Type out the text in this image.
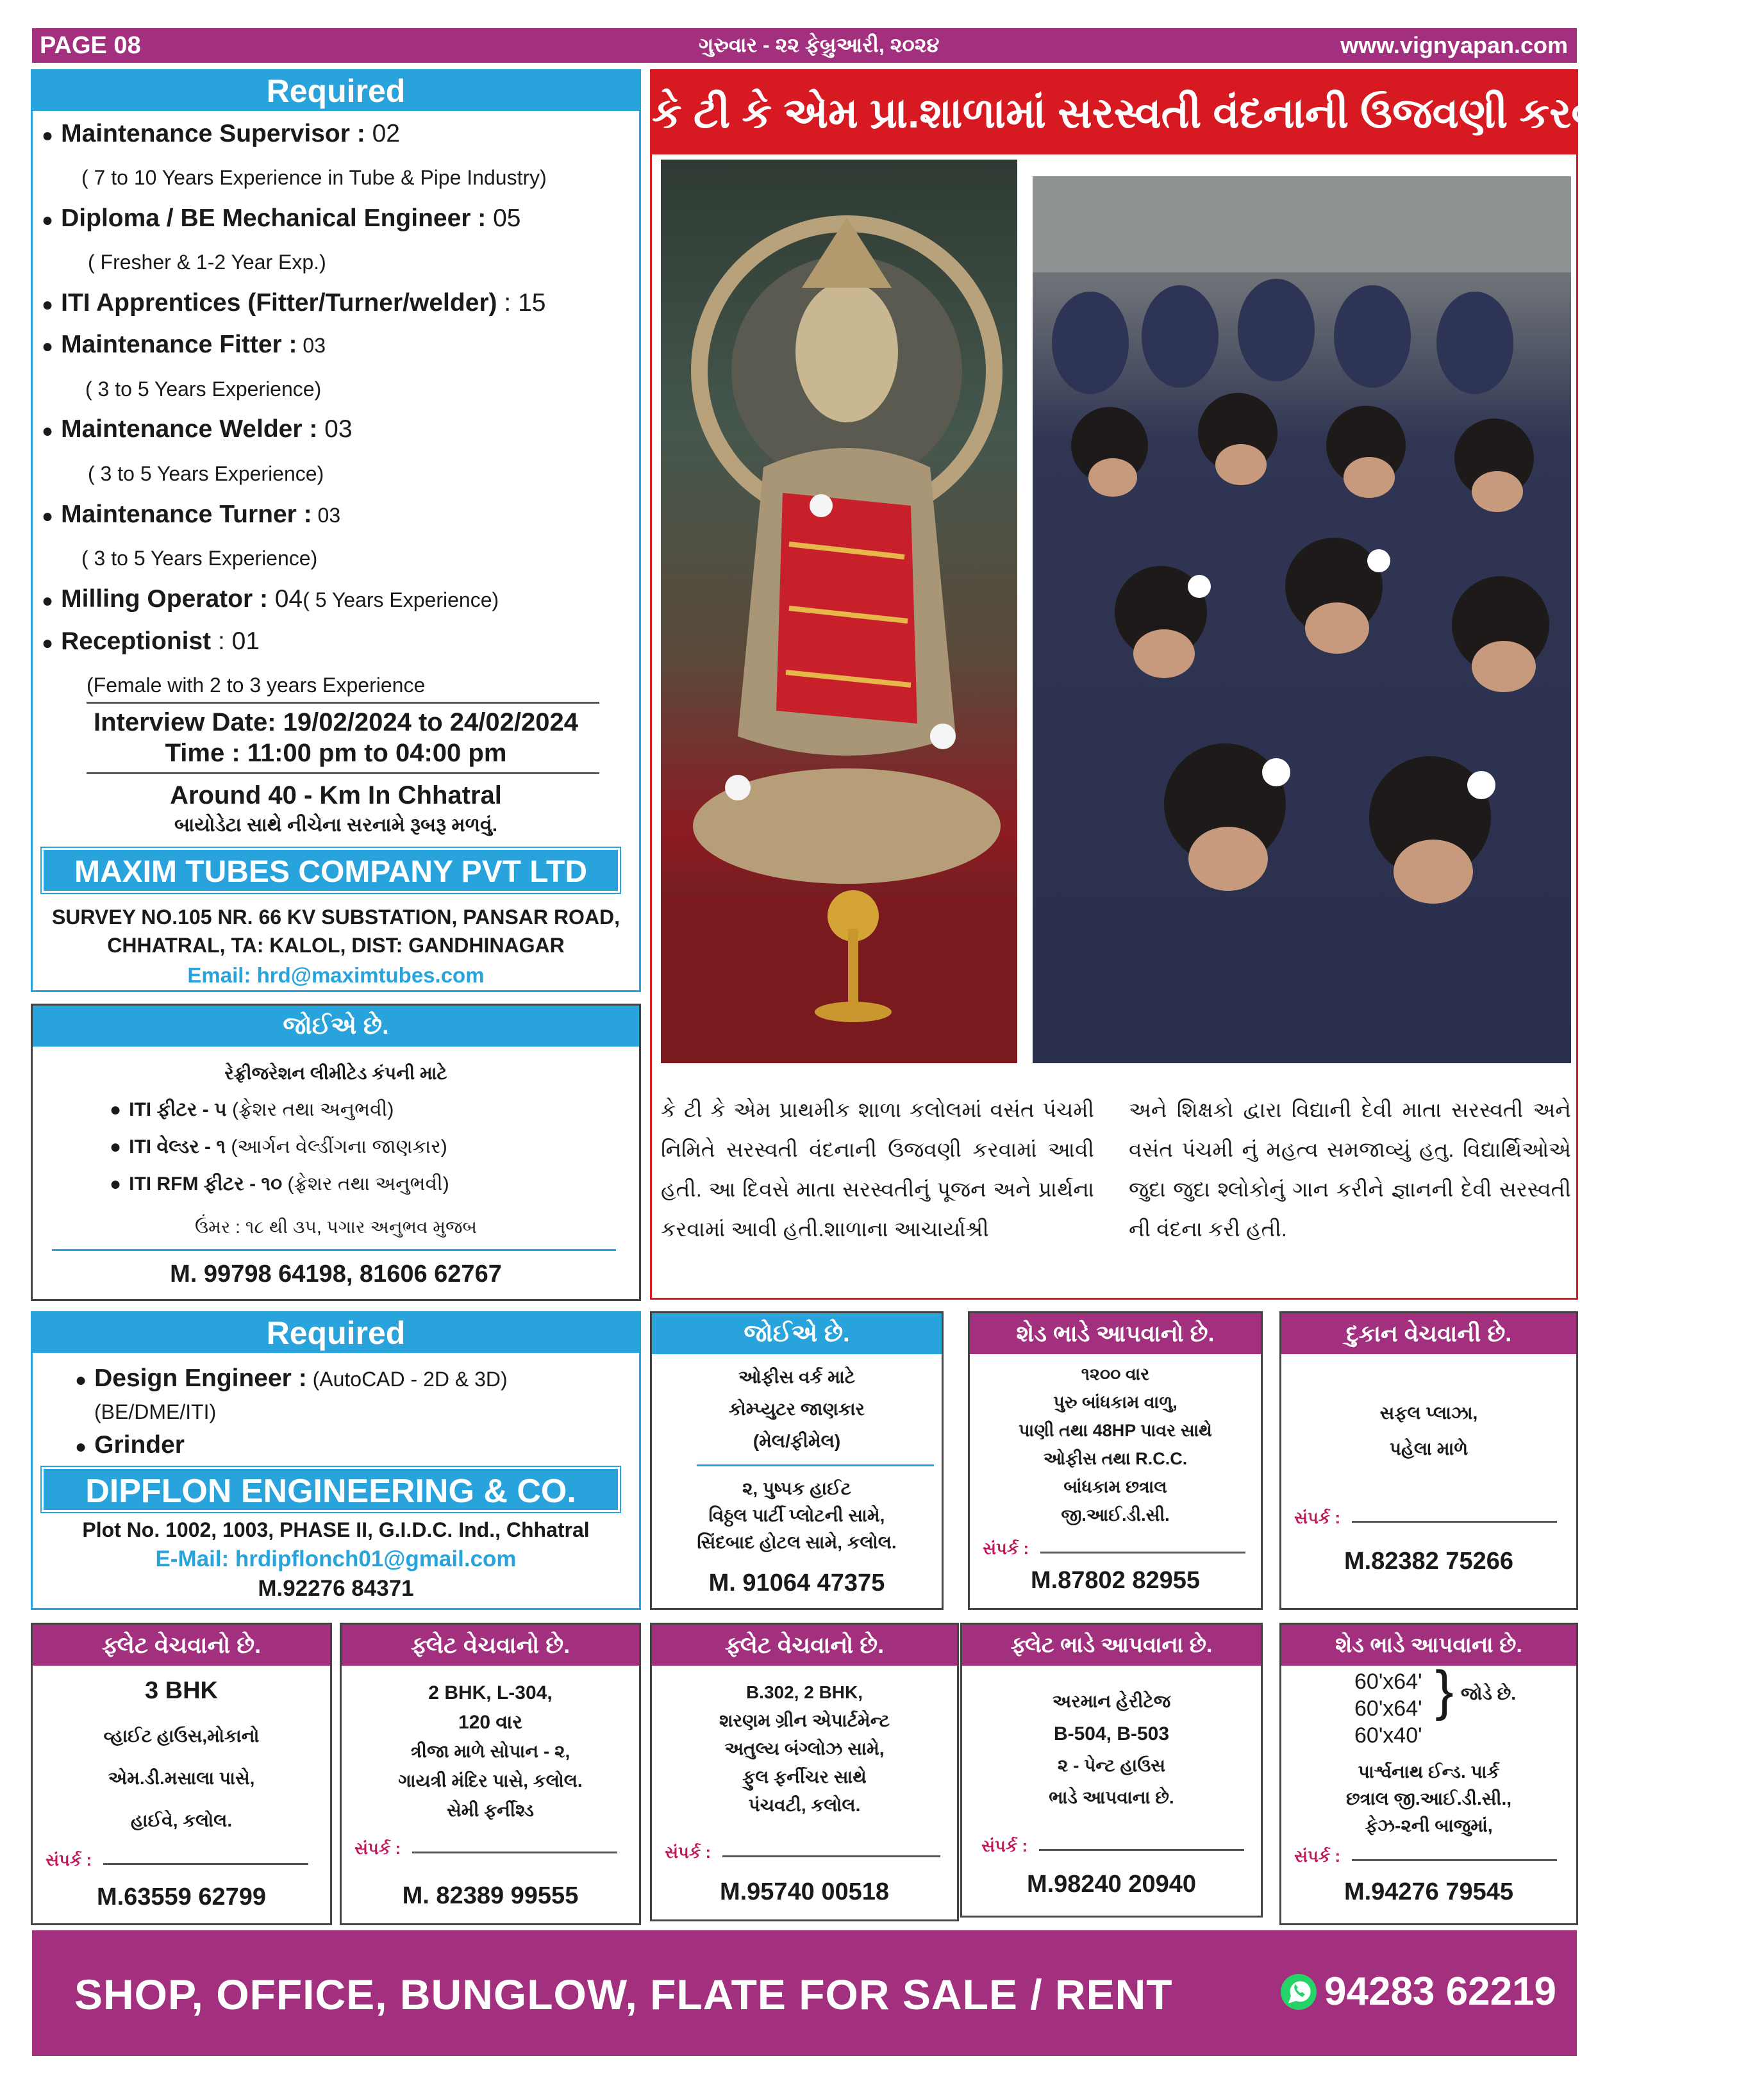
PAGE 08	ગુરુવાર - ૨૨ ફેબ્રુઆરી, ૨૦૨૪	www.vignyapan.com
Required
● Maintenance Supervisor : 02
( 7 to 10 Years Experience in Tube & Pipe Industry)
● Diploma / BE Mechanical Engineer : 05
( Fresher & 1-2 Year Exp.)
● ITI Apprentices (Fitter/Turner/welder) : 15
● Maintenance Fitter : 03
( 3 to 5 Years Experience)
● Maintenance Welder : 03
( 3 to 5 Years Experience)
● Maintenance Turner : 03
( 3 to 5 Years Experience)
● Milling Operator : 04( 5 Years Experience)
● Receptionist : 01
(Female with 2 to 3 years Experience
Interview Date: 19/02/2024 to 24/02/2024
Time : 11:00 pm to 04:00 pm
Around 40 - Km In Chhatral
બાયોડેટા સાથે નીચેના સરનામે રૂબરૂ મળવું.
MAXIM TUBES COMPANY PVT LTD
SURVEY NO.105 NR. 66 KV SUBSTATION, PANSAR ROAD,
CHHATRAL, TA: KALOL, DIST: GANDHINAGAR
Email: hrd@maximtubes.com
જોઈએ છે.
રેફ્રીજરેશન લીમીટેડ કંપની માટે
● ITI ફીટર - ૫ (ફ્રેશર તથા અનુભવી)
● ITI વેલ્ડર - ૧ (આર્ગન વેલ્ડીંગના જાણકાર)
● ITI RFM ફીટર - ૧૦ (ફ્રેશર તથા અનુભવી)
ઉંમર : ૧૮ થી ૩૫, પગાર અનુભવ મુજબ
M. 99798 64198, 81606 62767
કે ટી કે એમ પ્રા.શાળામાં સરસ્વતી વંદનાની ઉજવણી કરવામાં આવી.
કે ટી કે એમ પ્રાથમીક શાળા કલોલમાં વસંત પંચમી નિમિતે સરસ્વતી વંદનાની ઉજવણી કરવામાં આવી હતી. આ દિવસે માતા સરસ્વતીનું પૂજન અને પ્રાર્થના કરવામાં આવી હતી.શાળાના આચાર્યાશ્રી
અને શિક્ષકો દ્વારા વિદ્યાની દેવી માતા સરસ્વતી અને વસંત પંચમી નું મહત્વ સમજાવ્યું હતુ. વિદ્યાર્થિઓએ જુદા જુદા શ્લોકોનું ગાન કરીને જ્ઞાનની દેવી સરસ્વતી ની વંદના કરી હતી.
Required
● Design Engineer : (AutoCAD - 2D & 3D)
(BE/DME/ITI)
● Grinder
DIPFLON ENGINEERING & CO.
Plot No. 1002, 1003, PHASE II, G.I.D.C. Ind., Chhatral
E-Mail: hrdipflonch01@gmail.com
M.92276 84371
જોઈએ છે.
ઓફીસ વર્ક માટે
કોમ્પ્યુટર જાણકાર
(મેલ/ફીમેલ)
૨, પુષ્પક હાઈટ
વિઠ્ઠલ પાર્ટી પ્લોટની સામે,
સિંદબાદ હોટલ સામે, કલોલ.
M. 91064 47375
શેડ ભાડે આપવાનો છે.
૧૨૦૦ વાર
પુરુ બાંધકામ વાળુ,
પાણી તથા 48HP પાવર સાથે
ઓફીસ તથા R.C.C.
બાંધકામ છત્રાલ
જી.આઈ.ડી.સી.
સંપર્ક :
M.87802 82955
દુકાન વેચવાની છે.
સફલ પ્લાઝા,
પહેલા માળે
સંપર્ક :
M.82382 75266
ફ્લેટ વેચવાનો છે.
3 BHK
વ્હાઈટ હાઉસ,મોકાનો
એમ.ડી.મસાલા પાસે,
હાઈવે, કલોલ.
સંપર્ક :
M.63559 62799
ફ્લેટ વેચવાનો છે.
2 BHK, L-304,
120 વાર
ત્રીજા માળે સોપાન - ૨,
ગાયત્રી મંદિર પાસે, કલોલ.
સેમી ફર્નીશ્ડ
સંપર્ક :
M. 82389 99555
ફ્લેટ વેચવાનો છે.
B.302, 2 BHK,
શરણમ ગ્રીન એપાર્ટમેન્ટ
અતુલ્ય બંગ્લોઝ સામે,
ફુલ ફર્નીચર સાથે
પંચવટી, કલોલ.
સંપર્ક :
M.95740 00518
ફ્લેટ ભાડે આપવાના છે.
અરમાન હેરીટેજ
B-504, B-503
૨ - પેન્ટ હાઉસ
ભાડે આપવાના છે.
સંપર્ક :
M.98240 20940
શેડ ભાડે આપવાના છે.
60'x64'
60'x64'
60'x40'
} જોડે છે.
પાર્શ્વનાથ ઈન્ડ. પાર્ક
છત્રાલ જી.આઈ.ડી.સી.,
ફેઝ-૨ની બાજુમાં,
સંપર્ક :
M.94276 79545
SHOP, OFFICE, BUNGLOW, FLATE FOR SALE / RENT	94283 62219
